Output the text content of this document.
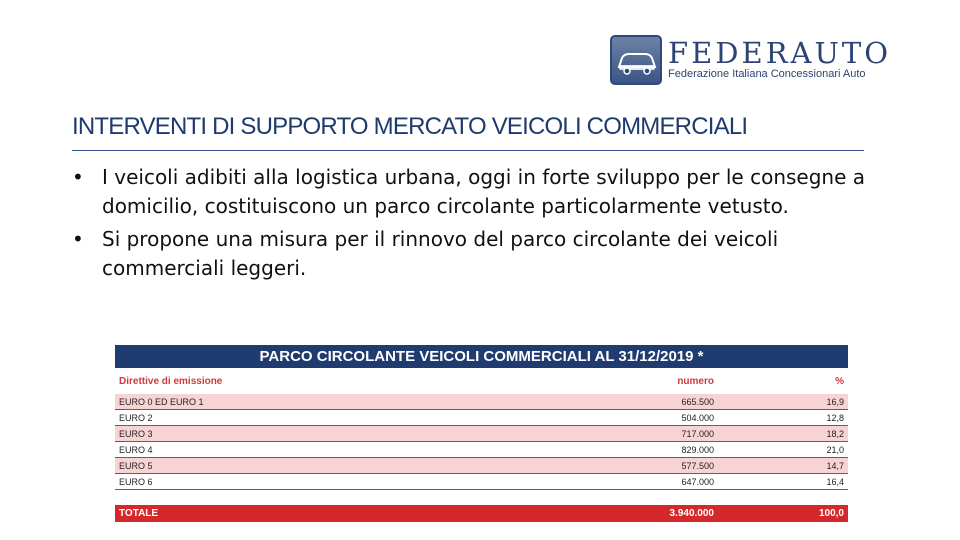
FEDERAUTO
Federazione Italiana Concessionari Auto
INTERVENTI DI SUPPORTO MERCATO VEICOLI COMMERCIALI
• I veicoli adibiti alla logistica urbana, oggi in forte sviluppo per le consegne a domicilio, costituiscono un parco circolante particolarmente vetusto.
• Si propone una misura per il rinnovo del parco circolante dei veicoli commerciali leggeri.
PARCO CIRCOLANTE VEICOLI COMMERCIALI AL 31/12/2019 *
Direttive di emissione	numero	%
EURO 0 ED EURO 1	665.500	16,9
EURO 2	504.000	12,8
EURO 3	717.000	18,2
EURO 4	829.000	21,0
EURO 5	577.500	14,7
EURO 6	647.000	16,4
TOTALE	3.940.000	100,0
